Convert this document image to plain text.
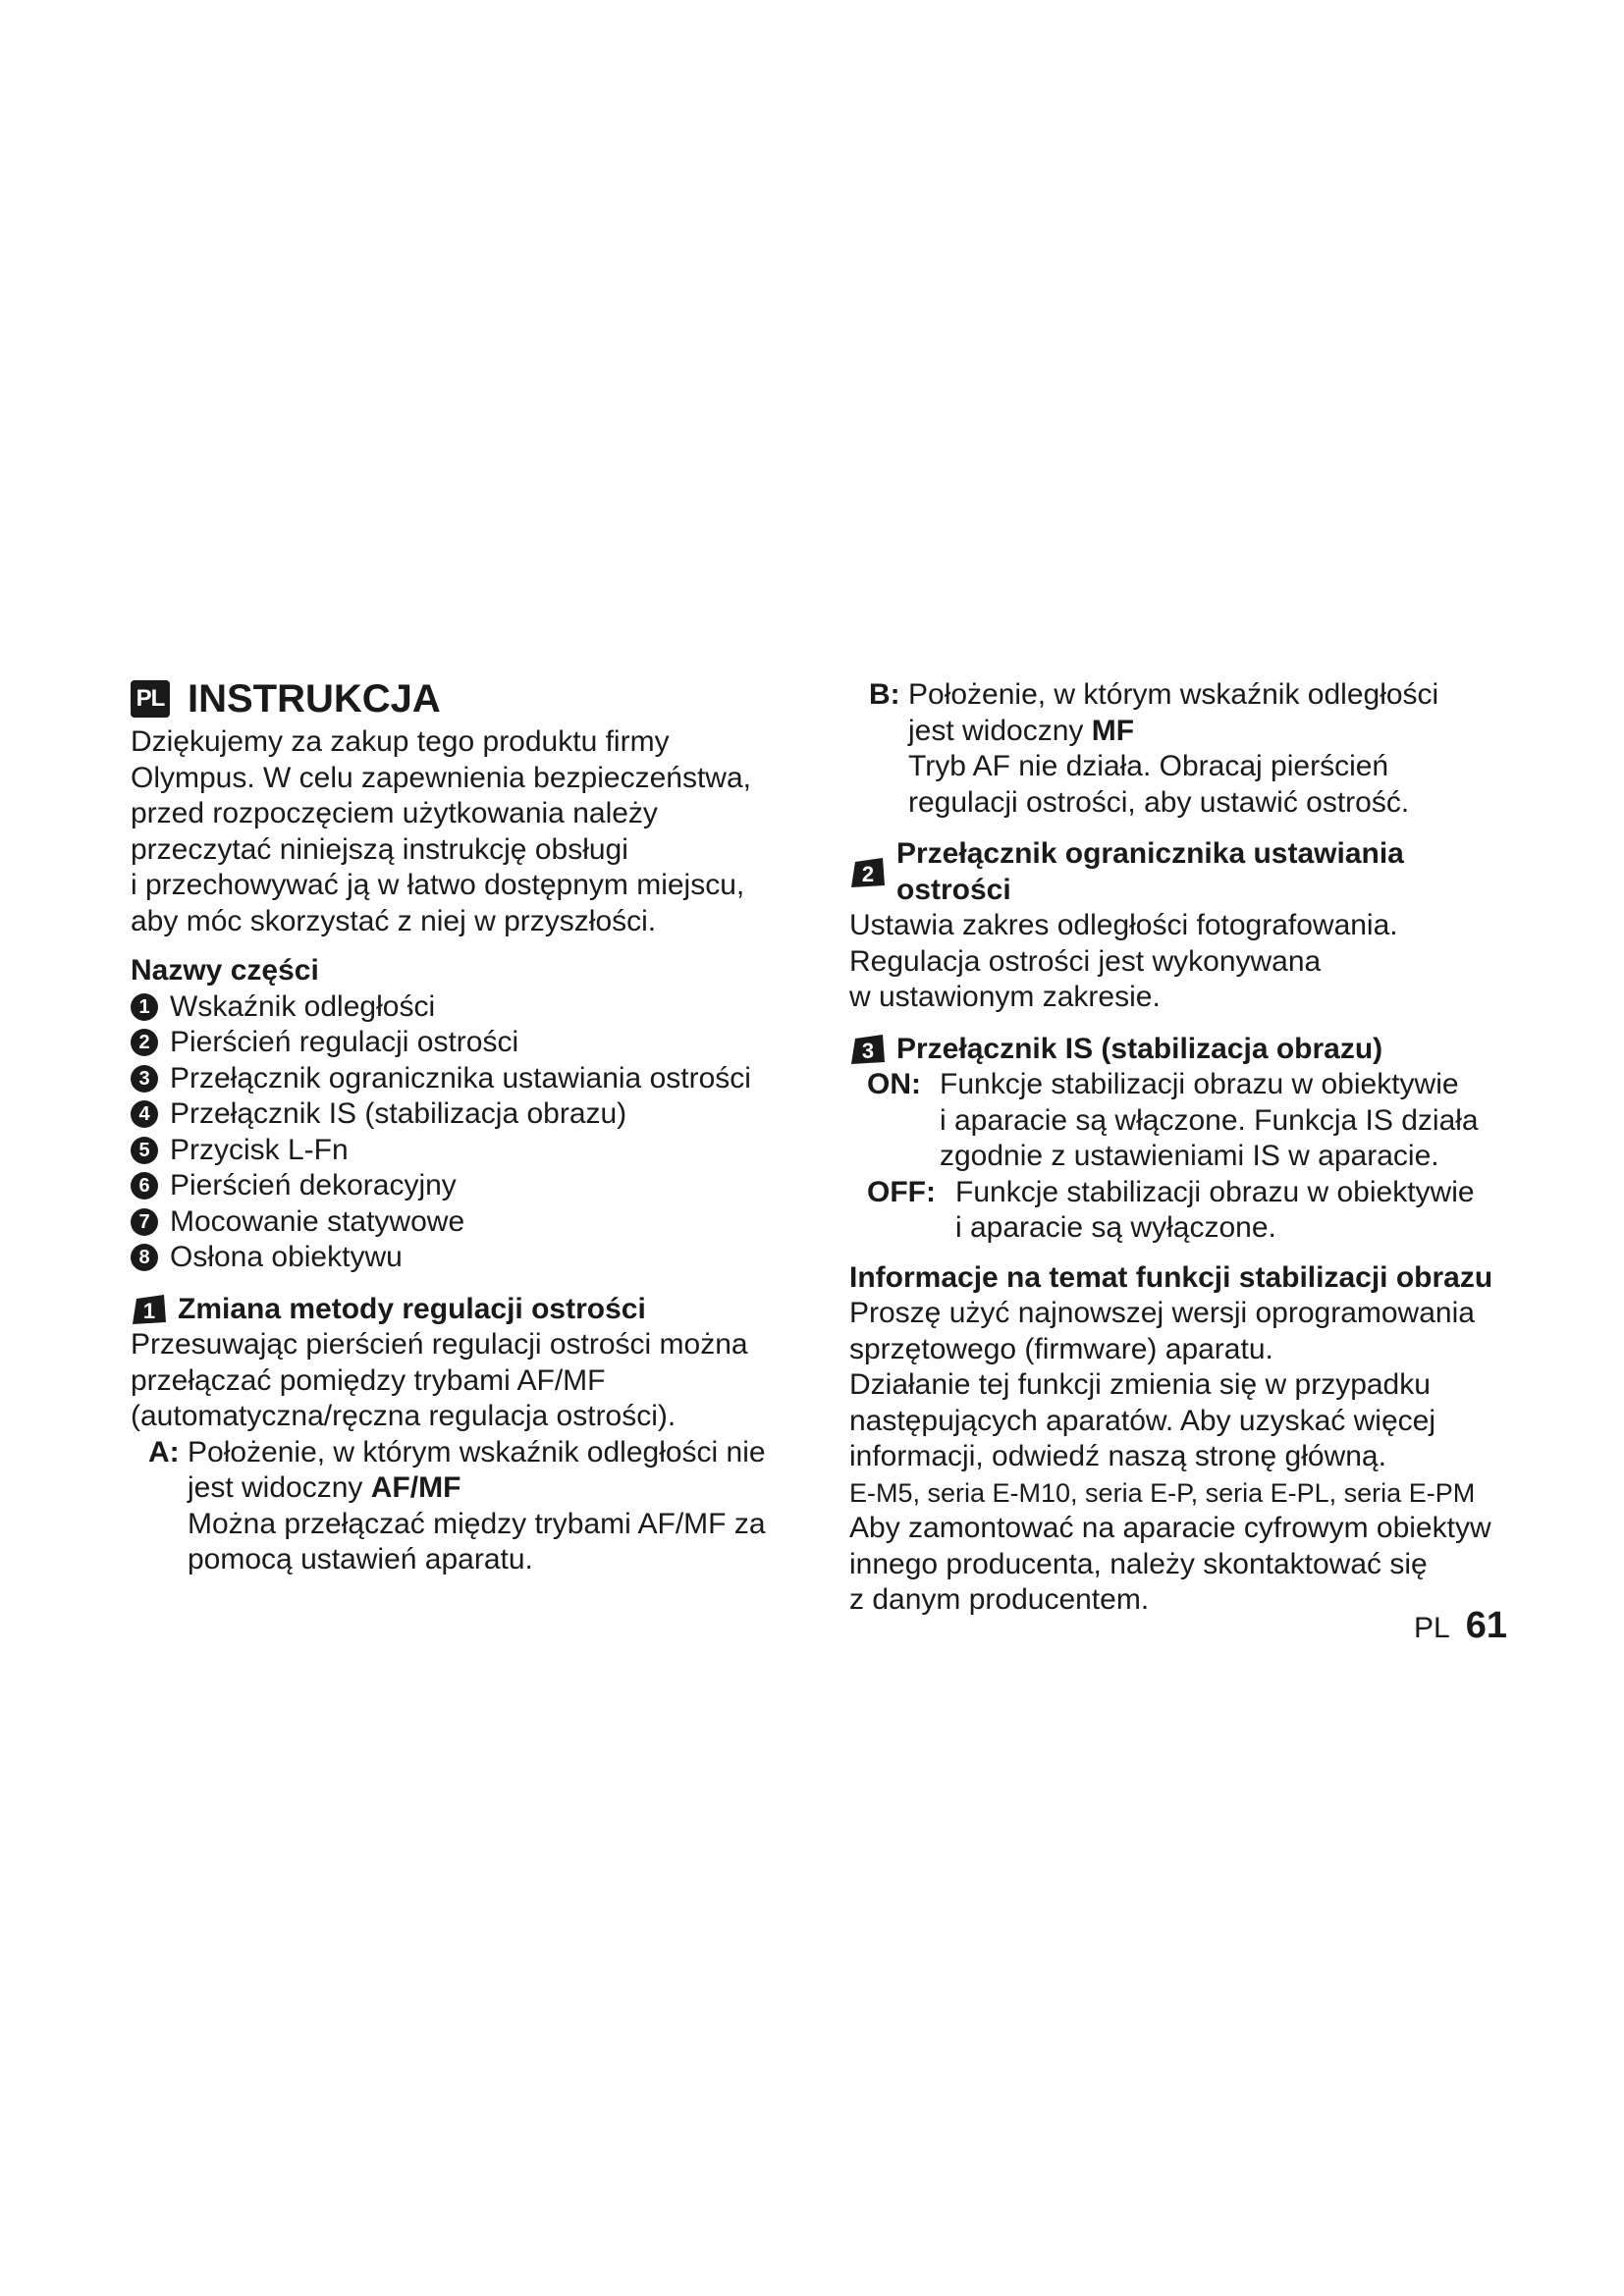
PL INSTRUKCJA

Dziękujemy za zakup tego produktu firmy

Olympus. W celu zapewnienia bezpieczeństwa,

przed rozpoczęciem użytkowania należy

przeczytać niniejszą instrukcję obsługi

i przechowywać ją w łatwo dostępnym miejscu,

aby móc skorzystać z niej w przyszłości.

Nazwy części
1 Wskaźnik odległości
2 Pierścień regulacji ostrości
3 Przełącznik ogranicznika ustawiania ostrości
4 Przełącznik IS (stabilizacja obrazu)
5 Przycisk L-Fn
6 Pierścień dekoracyjny
7 Mocowanie statywowe
8 Osłona obiektywu
1 Zmiana metody regulacji ostrości

Przesuwając pierścień regulacji ostrości można

przełączać pomiędzy trybami AF/MF

(automatyczna/ręczna regulacja ostrości).

A: Położenie, w którym wskaźnik odległości nie

jest widoczny AF/MF

Można przełączać między trybami AF/MF za

pomocą ustawień aparatu.

B: Położenie, w którym wskaźnik odległości

jest widoczny MF

Tryb AF nie działa. Obracaj pierścień

regulacji ostrości, aby ustawić ostrość.

2
Przełącznik ogranicznika ustawiania ostrości

Ustawia zakres odległości fotografowania.

Regulacja ostrości jest wykonywana

w ustawionym zakresie.

3 Przełącznik IS (stabilizacja obrazu)
ON: Funkcje stabilizacji obrazu w obiektywie

i aparacie są włączone. Funkcja IS działa

zgodnie z ustawieniami IS w aparacie.

OFF: Funkcje stabilizacji obrazu w obiektywie

i aparacie są wyłączone.

Informacje na temat funkcji stabilizacji obrazu

Proszę użyć najnowszej wersji oprogramowania

sprzętowego (firmware) aparatu.

Działanie tej funkcji zmienia się w przypadku

następujących aparatów. Aby uzyskać więcej

informacji, odwiedź naszą stronę główną.

E-M5, seria E-M10, seria E-P, seria E-PL, seria E-PM

Aby zamontować na aparacie cyfrowym obiektyw

innego producenta, należy skontaktować się

z danym producentem.

PL 61
